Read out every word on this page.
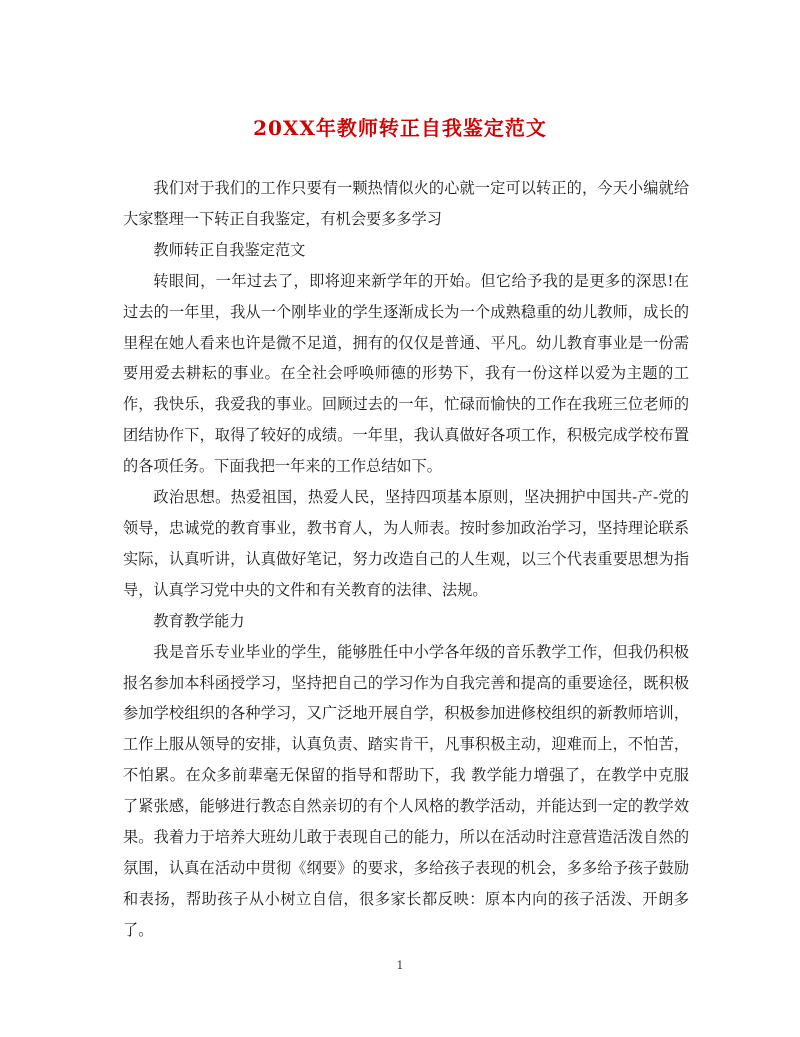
20XX年教师转正自我鉴定范文

我们对于我们的工作只要有一颗热情似火的心就一定可以转正的，今天小编就给大家整理一下转正自我鉴定，有机会要多多学习

教师转正自我鉴定范文

转眼间，一年过去了，即将迎来新学年的开始。但它给予我的是更多的深思!在过去的一年里，我从一个刚毕业的学生逐渐成长为一个成熟稳重的幼儿教师，成长的里程在她人看来也许是微不足道，拥有的仅仅是普通、平凡。幼儿教育事业是一份需要用爱去耕耘的事业。在全社会呼唤师德的形势下，我有一份这样以爱为主题的工作，我快乐，我爱我的事业。回顾过去的一年，忙碌而愉快的工作在我班三位老师的团结协作下，取得了较好的成绩。一年里，我认真做好各项工作，积极完成学校布置的各项任务。下面我把一年来的工作总结如下。

政治思想。热爱祖国，热爱人民，坚持四项基本原则，坚决拥护中国共-产-党的领导，忠诚党的教育事业，教书育人，为人师表。按时参加政治学习，坚持理论联系实际，认真听讲，认真做好笔记，努力改造自己的人生观，以三个代表重要思想为指导，认真学习党中央的文件和有关教育的法律、法规。

教育教学能力

我是音乐专业毕业的学生，能够胜任中小学各年级的音乐教学工作，但我仍积极报名参加本科函授学习，坚持把自己的学习作为自我完善和提高的重要途径，既积极参加学校组织的各种学习，又广泛地开展自学，积极参加进修校组织的新教师培训，工作上服从领导的安排，认真负责、踏实肯干，凡事积极主动，迎难而上，不怕苦，不怕累。在众多前辈毫无保留的指导和帮助下，我 教学能力增强了，在教学中克服了紧张感，能够进行教态自然亲切的有个人风格的教学活动，并能达到一定的教学效果。我着力于培养大班幼儿敢于表现自己的能力，所以在活动时注意营造活泼自然的氛围，认真在活动中贯彻《纲要》的要求，多给孩子表现的机会，多多给予孩子鼓励和表扬，帮助孩子从小树立自信，很多家长都反映：原本内向的孩子活泼、开朗多了。

1
